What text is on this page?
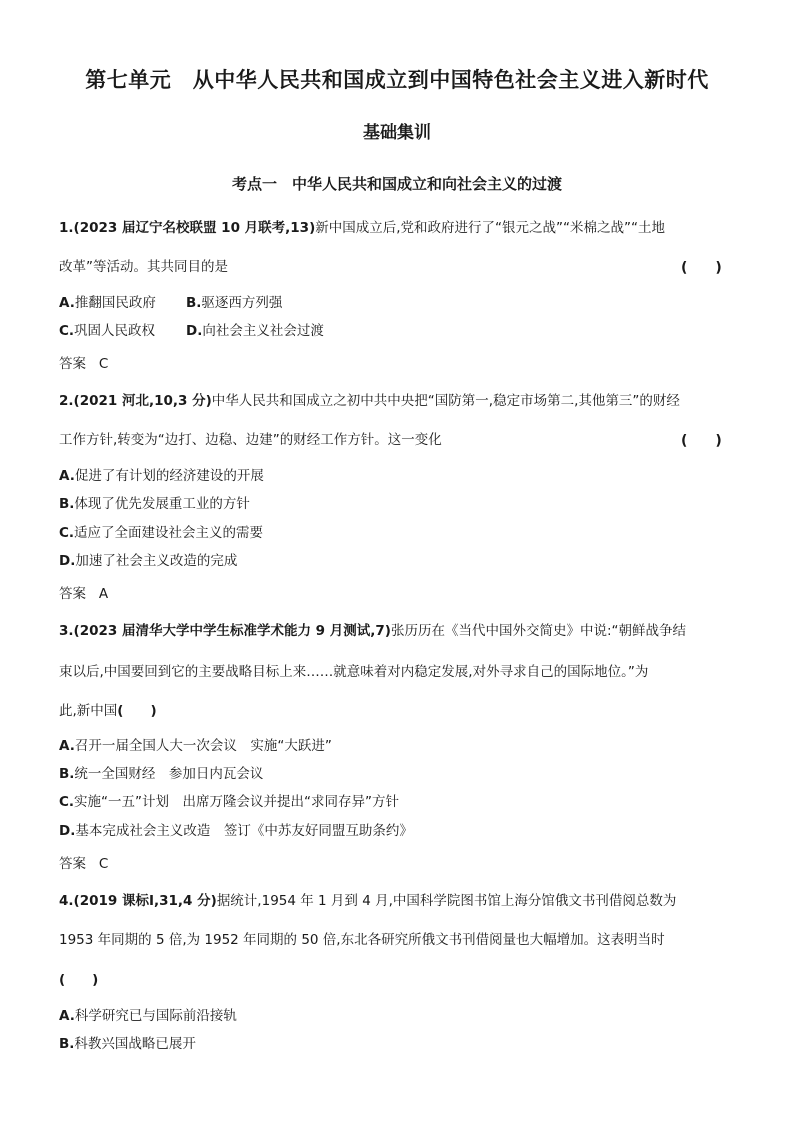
第七单元　从中华人民共和国成立到中国特色社会主义进入新时代
基础集训
考点一　中华人民共和国成立和向社会主义的过渡
1.(2023 届辽宁名校联盟 10 月联考,13)新中国成立后,党和政府进行了“银元之战”“米棉之战”“土地
改革”等活动。其共同目的是	(　　)
A.推翻国民政府 B.驱逐西方列强
C.巩固人民政权 D.向社会主义社会过渡
答案 C
2.(2021 河北,10,3 分)中华人民共和国成立之初中共中央把“国防第一,稳定市场第二,其他第三”的财经
工作方针,转变为“边打、边稳、边建”的财经工作方针。这一变化	(　　)
A.促进了有计划的经济建设的开展
B.体现了优先发展重工业的方针
C.适应了全面建设社会主义的需要
D.加速了社会主义改造的完成
答案 A
3.(2023 届清华大学中学生标准学术能力 9 月测试,7)张历历在《当代中国外交简史》中说:“朝鲜战争结
束以后,中国要回到它的主要战略目标上来……就意味着对内稳定发展,对外寻求自己的国际地位。”为
此,新中国(　　)
A.召开一届全国人大一次会议　实施“大跃进”
B.统一全国财经　参加日内瓦会议
C.实施“一五”计划　出席万隆会议并提出“求同存异”方针
D.基本完成社会主义改造　签订《中苏友好同盟互助条约》
答案 C
4.(2019 课标Ⅰ,31,4 分)据统计,1954 年 1 月到 4 月,中国科学院图书馆上海分馆俄文书刊借阅总数为
1953 年同期的 5 倍,为 1952 年同期的 50 倍,东北各研究所俄文书刊借阅量也大幅增加。这表明当时
(　　)
A.科学研究已与国际前沿接轨
B.科教兴国战略已展开
